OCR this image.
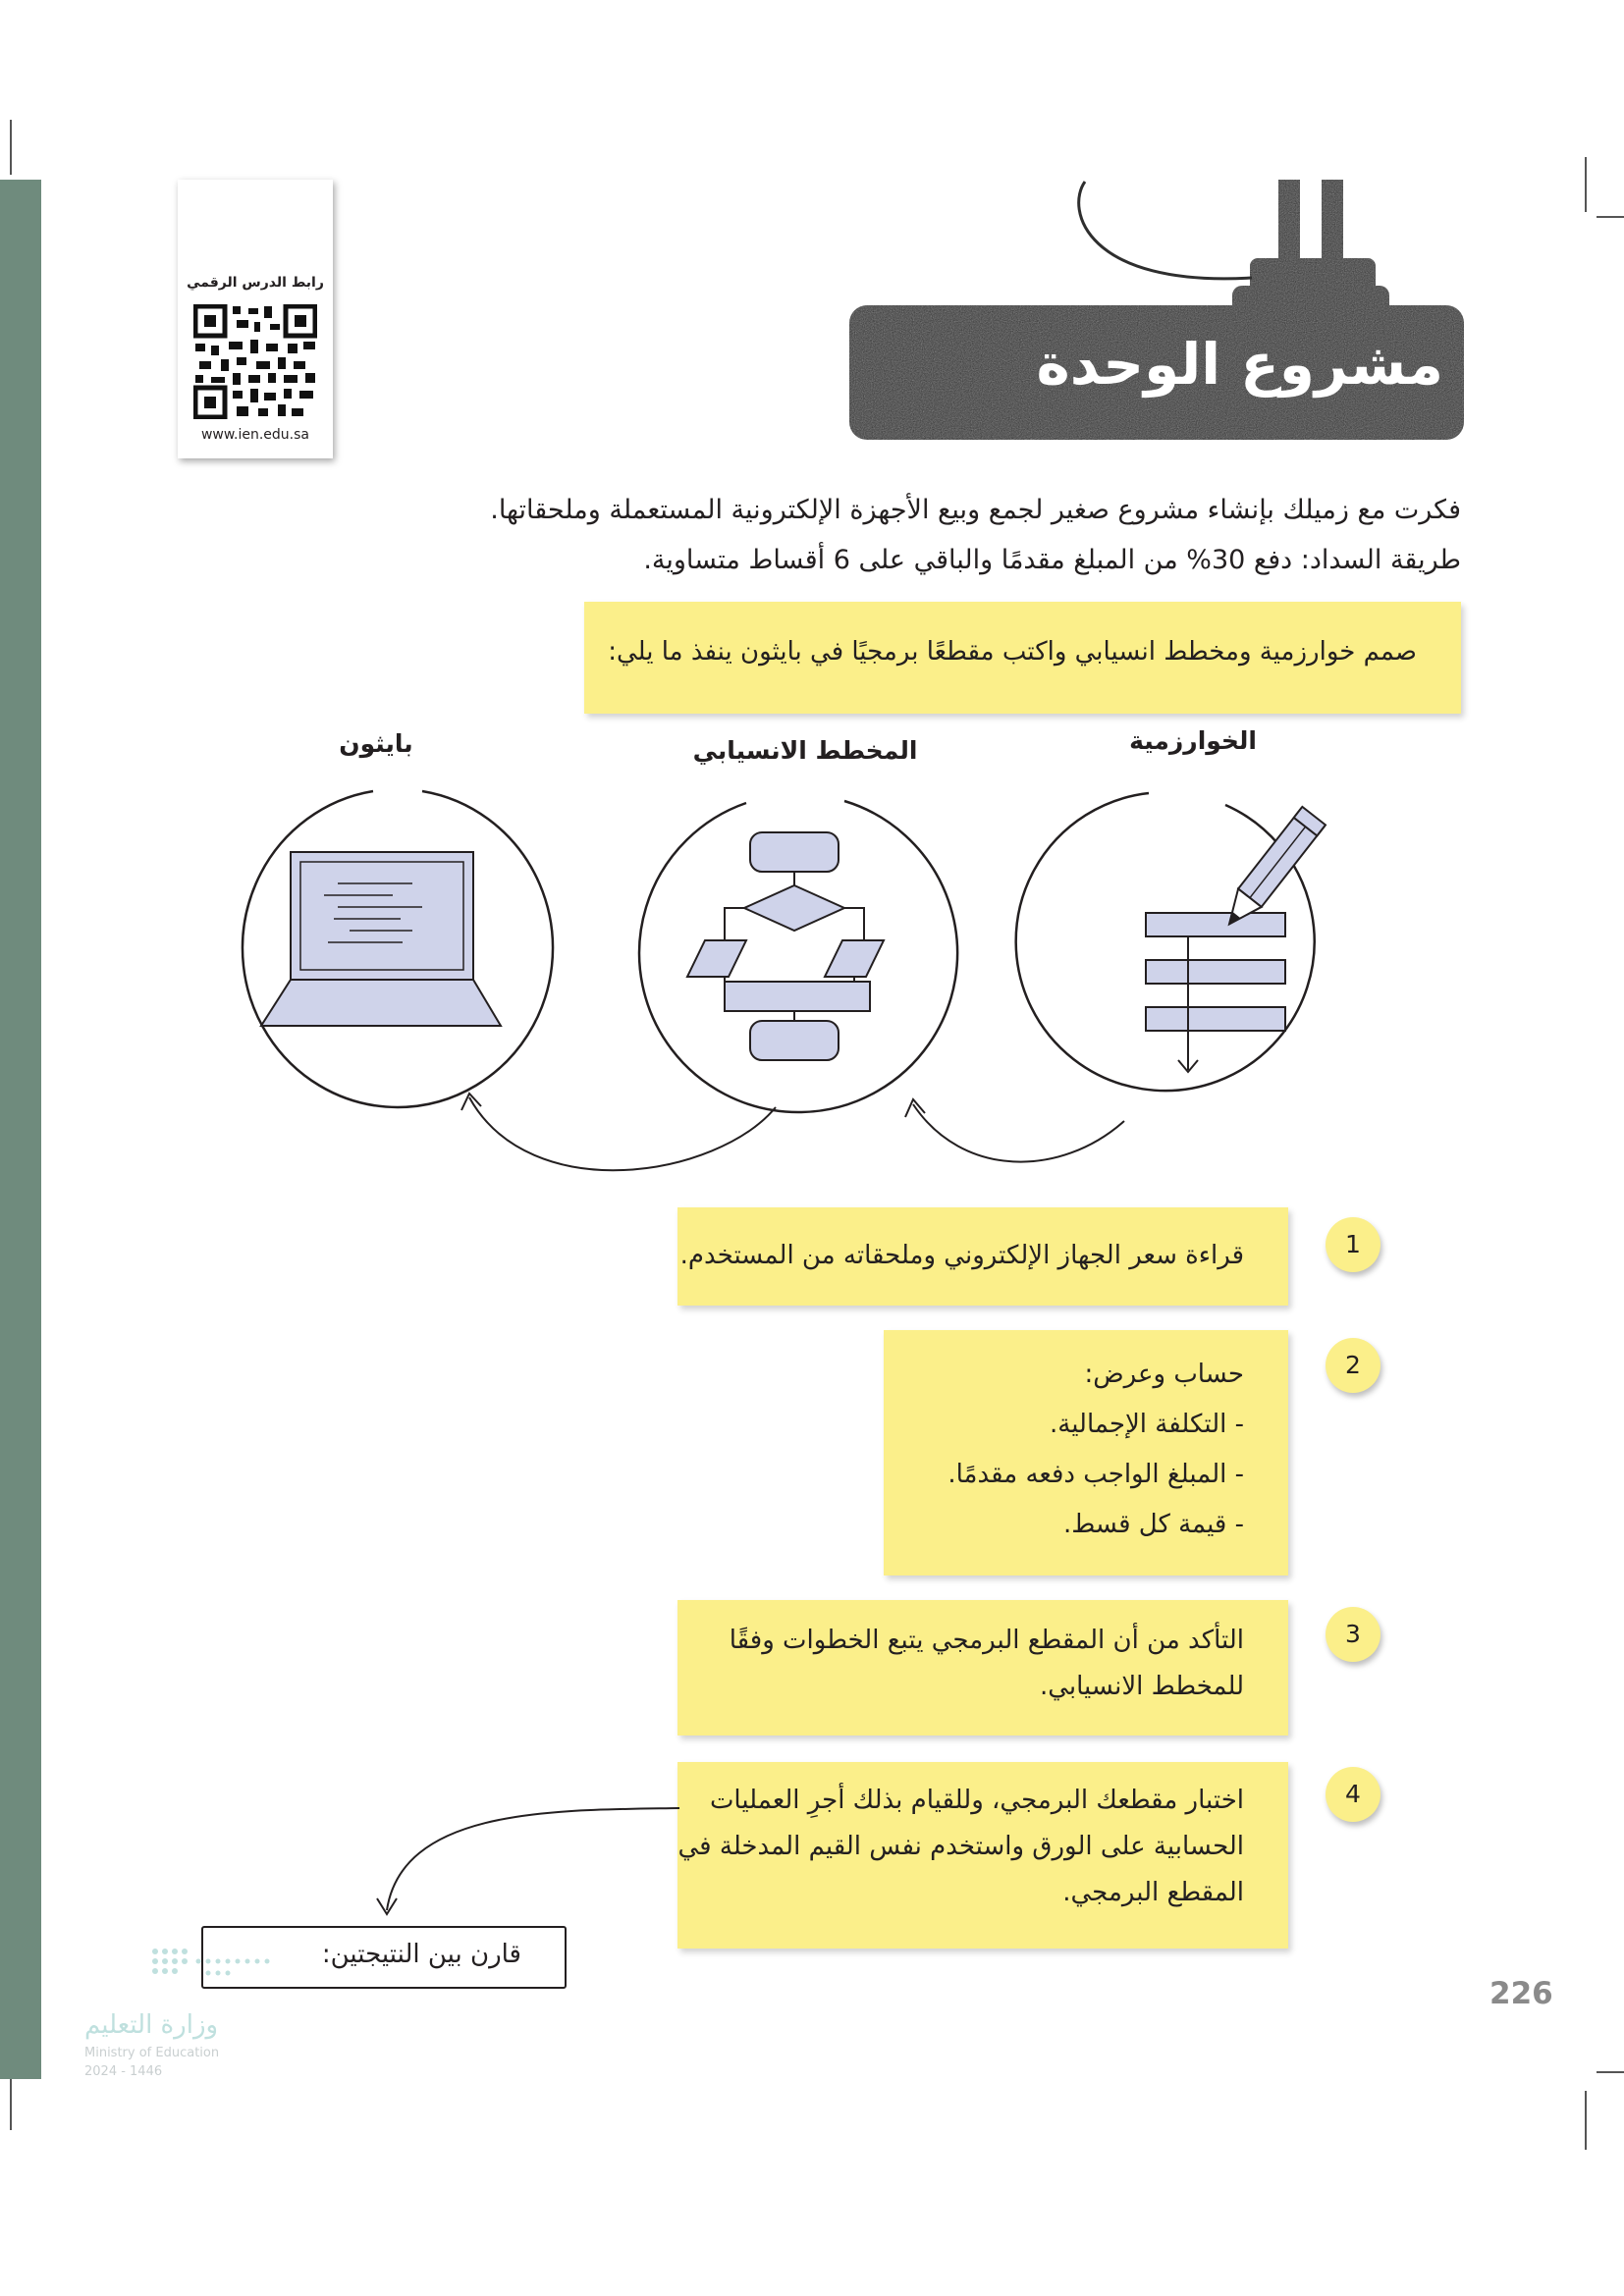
رابط الدرس الرقمي
www.ien.edu.sa
مشروع الوحدة
فكرت مع زميلك بإنشاء مشروع صغير لجمع وبيع الأجهزة الإلكترونية المستعملة وملحقاتها.
طريقة السداد: دفع 30% من المبلغ مقدمًا والباقي على 6 أقساط متساوية.
صمم خوارزمية ومخطط انسيابي واكتب مقطعًا برمجيًا في بايثون ينفذ ما يلي:
الخوارزمية
المخطط الانسيابي
بايثون
قراءة سعر الجهاز الإلكتروني وملحقاته من المستخدم.	1
حساب وعرض:
- التكلفة الإجمالية.
- المبلغ الواجب دفعه مقدمًا.
- قيمة كل قسط.
2
التأكد من أن المقطع البرمجي يتبع الخطوات وفقًا
للمخطط الانسيابي.
3
اختبار مقطعك البرمجي، وللقيام بذلك أجرِ العمليات
الحسابية على الورق واستخدم نفس القيم المدخلة في
المقطع البرمجي.
4
قارن بين النتيجتين:
وزارة التعليم
Ministry of Education
2024 - 1446
226
